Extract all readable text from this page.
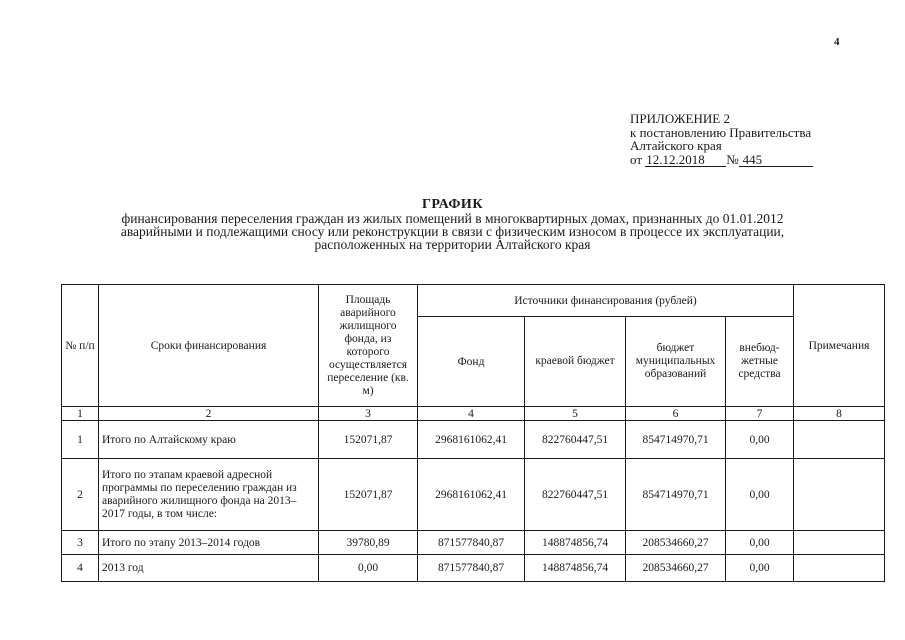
4
ПРИЛОЖЕНИЕ 2
к постановлению Правительства
Алтайского края
от 12.12.2018 № 445
ГРАФИК
финансирования переселения граждан из жилых помещений в многоквартирных домах, признанных до 01.01.2012
аварийными и подлежащими сносу или реконструкции в связи с физическим износом в процессе их эксплуатации,
расположенных на территории Алтайского края
№ п/п	Сроки финансирования	Площадь аварийного жилищного фонда, из которого осуществляется переселение (кв. м)	Источники финансирования (рублей)				Примечания
			Фонд	краевой бюджет	бюджет муниципальных образований	внебюд-жетные средства	
1	2	3	4	5	6	7	8
1	Итого по Алтайскому краю	152071,87	2968161062,41	822760447,51	854714970,71	0,00	
2	Итого по этапам краевой адресной программы по переселению граждан из аварийного жилищного фонда на 2013–2017 годы, в том числе:	152071,87	2968161062,41	822760447,51	854714970,71	0,00	
3	Итого по этапу 2013–2014 годов	39780,89	871577840,87	148874856,74	208534660,27	0,00	
4	2013 год	0,00	871577840,87	148874856,74	208534660,27	0,00	
